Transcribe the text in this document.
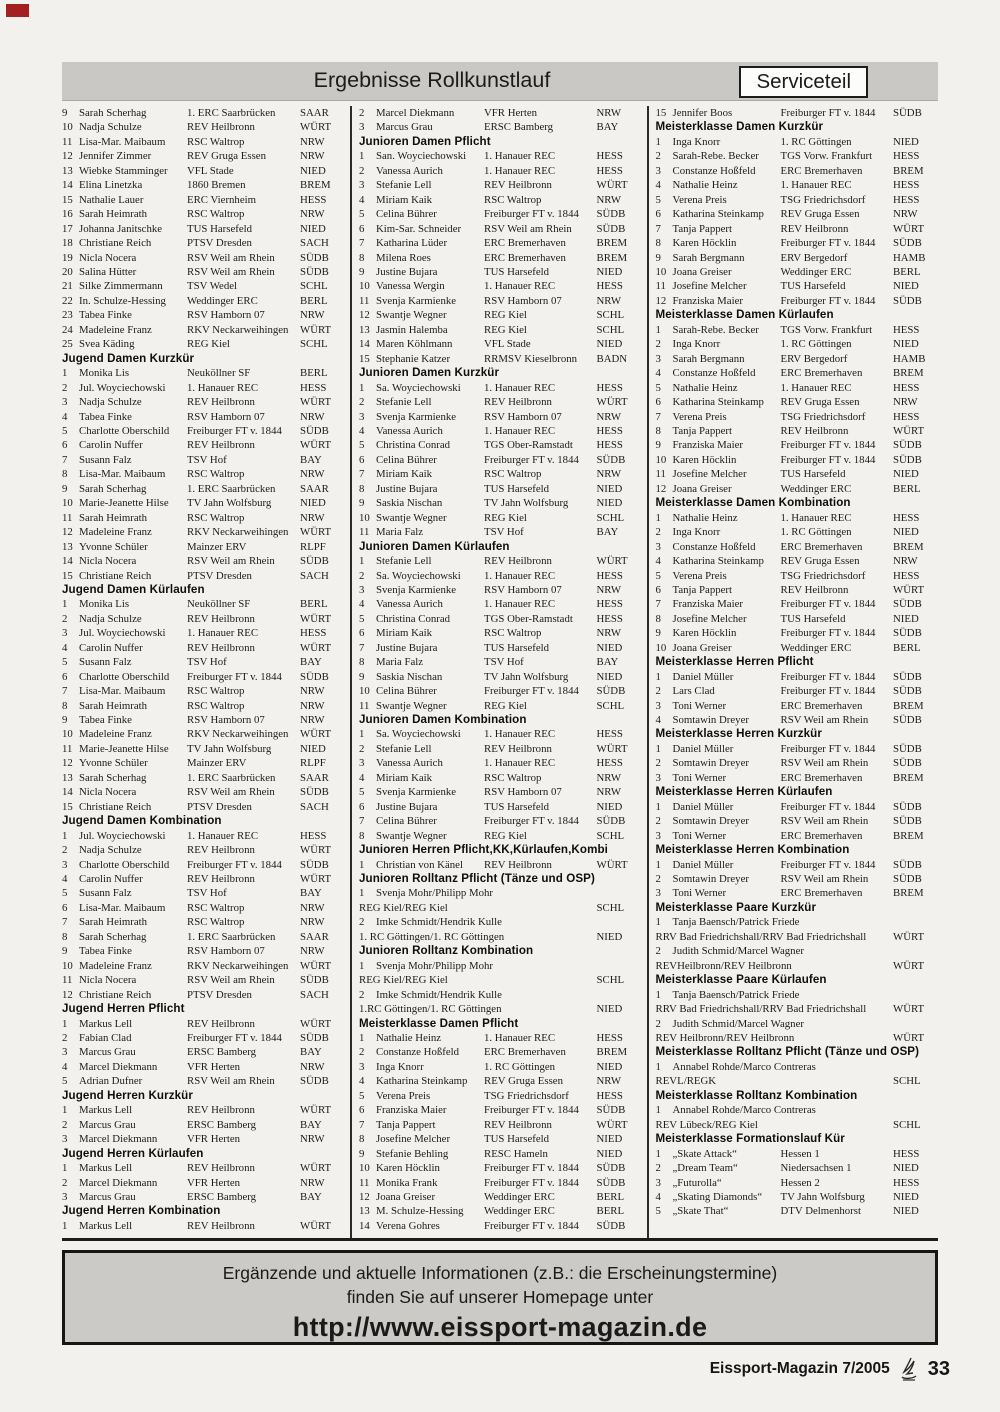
Ergebnisse Rollkunstlauf	Serviceteil
9	Sarah Scherhag	1. ERC Saarbrücken	SAAR
10 Nadja Schulze	REV Heilbronn	WÜRT
11 Lisa-Mar. Maibaum	RSC Waltrop	NRW
12 Jennifer Zimmer	REV Gruga Essen	NRW
13 Wiebke Stamminger	VFL Stade	NIED
14 Elina Linetzka	1860 Bremen	BREM
15 Nathalie Lauer	ERC Viernheim	HESS
16 Sarah Heimrath	RSC Waltrop	NRW
17 Johanna Janitschke	TUS Harsefeld	NIED
18 Christiane Reich	PTSV Dresden	SACH
19 Nicla Nocera	RSV Weil am Rhein	SÜDB
20 Salina Hütter	RSV Weil am Rhein	SÜDB
21 Silke Zimmermann	TSV Wedel	SCHL
22 In. Schulze-Hessing	Weddinger ERC	BERL
23 Tabea Finke	RSV Hamborn 07	NRW
24 Madeleine Franz	RKV Neckarweihingen	WÜRT
25 Svea Käding	REG Kiel	SCHL
Jugend Damen Kurzkür
1	Monika Lis	Neuköllner SF	BERL
2	Jul. Woyciechowski	1. Hanauer REC	HESS
3	Nadja Schulze	REV Heilbronn	WÜRT
4	Tabea Finke	RSV Hamborn 07	NRW
5	Charlotte Oberschild	Freiburger FT v. 1844	SÜDB
6	Carolin Nuffer	REV Heilbronn	WÜRT
7	Susann Falz	TSV Hof	BAY
8	Lisa-Mar. Maibaum	RSC Waltrop	NRW
9	Sarah Scherhag	1. ERC Saarbrücken	SAAR
10 Marie-Jeanette Hilse	TV Jahn Wolfsburg	NIED
11 Sarah Heimrath	RSC Waltrop	NRW
12 Madeleine Franz	RKV Neckarweihingen	WÜRT
13 Yvonne Schüler	Mainzer ERV	RLPF
14 Nicla Nocera	RSV Weil am Rhein	SÜDB
15 Christiane Reich	PTSV Dresden	SACH
Jugend Damen Kürlaufen
1	Monika Lis	Neuköllner SF	BERL
2	Nadja Schulze	REV Heilbronn	WÜRT
3	Jul. Woyciechowski	1. Hanauer REC	HESS
4	Carolin Nuffer	REV Heilbronn	WÜRT
5	Susann Falz	TSV Hof	BAY
6	Charlotte Oberschild	Freiburger FT v. 1844	SÜDB
7	Lisa-Mar. Maibaum	RSC Waltrop	NRW
8	Sarah Heimrath	RSC Waltrop	NRW
9	Tabea Finke	RSV Hamborn 07	NRW
10 Madeleine Franz	RKV Neckarweihingen	WÜRT
11 Marie-Jeanette Hilse	TV Jahn Wolfsburg	NIED
12 Yvonne Schüler	Mainzer ERV	RLPF
13 Sarah Scherhag	1. ERC Saarbrücken	SAAR
14 Nicla Nocera	RSV Weil am Rhein	SÜDB
15 Christiane Reich	PTSV Dresden	SACH
Jugend Damen Kombination
1	Jul. Woyciechowski	1. Hanauer REC	HESS
2	Nadja Schulze	REV Heilbronn	WÜRT
3	Charlotte Oberschild	Freiburger FT v. 1844	SÜDB
4	Carolin Nuffer	REV Heilbronn	WÜRT
5	Susann Falz	TSV Hof	BAY
6	Lisa-Mar. Maibaum	RSC Waltrop	NRW
7	Sarah Heimrath	RSC Waltrop	NRW
8	Sarah Scherhag	1. ERC Saarbrücken	SAAR
9	Tabea Finke	RSV Hamborn 07	NRW
10 Madeleine Franz	RKV Neckarweihingen	WÜRT
11 Nicla Nocera	RSV Weil am Rhein	SÜDB
12 Christiane Reich	PTSV Dresden	SACH
Jugend Herren Pflicht
1	Markus Lell	REV Heilbronn	WÜRT
2	Fabian Clad	Freiburger FT v. 1844	SÜDB
3	Marcus Grau	ERSC Bamberg	BAY
4	Marcel Diekmann	VFR Herten	NRW
5	Adrian Dufner	RSV Weil am Rhein	SÜDB
Jugend Herren Kurzkür
1	Markus Lell	REV Heilbronn	WÜRT
2	Marcus Grau	ERSC Bamberg	BAY
3	Marcel Diekmann	VFR Herten	NRW
Jugend Herren Kürlaufen
1	Markus Lell	REV Heilbronn	WÜRT
2	Marcel Diekmann	VFR Herten	NRW
3	Marcus Grau	ERSC Bamberg	BAY
Jugend Herren Kombination
1	Markus Lell	REV Heilbronn	WÜRT
2	Marcel Diekmann	VFR Herten	NRW
3	Marcus Grau	ERSC Bamberg	BAY
Junioren Damen Pflicht
1	San. Woyciechowski	1. Hanauer REC	HESS
2	Vanessa Aurich	1. Hanauer REC	HESS
3	Stefanie Lell	REV Heilbronn	WÜRT
4	Miriam Kaik	RSC Waltrop	NRW
5	Celina Bührer	Freiburger FT v. 1844	SÜDB
6	Kim-Sar. Schneider	RSV Weil am Rhein	SÜDB
7	Katharina Lüder	ERC Bremerhaven	BREM
8	Milena Roes	ERC Bremerhaven	BREM
9	Justine Bujara	TUS Harsefeld	NIED
10 Vanessa Wergin	1. Hanauer REC	HESS
11 Svenja Karmienke	RSV Hamborn 07	NRW
12 Swantje Wegner	REG Kiel	SCHL
13 Jasmin Halemba	REG Kiel	SCHL
14 Maren Köhlmann	VFL Stade	NIED
15 Stephanie Katzer	RRMSV Kieselbronn	BADN
Junioren Damen Kurzkür
1	Sa. Woyciechowski	1. Hanauer REC	HESS
2	Stefanie Lell	REV Heilbronn	WÜRT
3	Svenja Karmienke	RSV Hamborn 07	NRW
4	Vanessa Aurich	1. Hanauer REC	HESS
5	Christina Conrad	TGS Ober-Ramstadt	HESS
6	Celina Bührer	Freiburger FT v. 1844	SÜDB
7	Miriam Kaik	RSC Waltrop	NRW
8	Justine Bujara	TUS Harsefeld	NIED
9	Saskia Nischan	TV Jahn Wolfsburg	NIED
10 Swantje Wegner	REG Kiel	SCHL
11 Maria Falz	TSV Hof	BAY
Junioren Damen Kürlaufen
1	Stefanie Lell	REV Heilbronn	WÜRT
2	Sa. Woyciechowski	1. Hanauer REC	HESS
3	Svenja Karmienke	RSV Hamborn 07	NRW
4	Vanessa Aurich	1. Hanauer REC	HESS
5	Christina Conrad	TGS Ober-Ramstadt	HESS
6	Miriam Kaik	RSC Waltrop	NRW
7	Justine Bujara	TUS Harsefeld	NIED
8	Maria Falz	TSV Hof	BAY
9	Saskia Nischan	TV Jahn Wolfsburg	NIED
10 Celina Bührer	Freiburger FT v. 1844	SÜDB
11 Swantje Wegner	REG Kiel	SCHL
Junioren Damen Kombination
1	Sa. Woyciechowski	1. Hanauer REC	HESS
2	Stefanie Lell	REV Heilbronn	WÜRT
3	Vanessa Aurich	1. Hanauer REC	HESS
4	Miriam Kaik	RSC Waltrop	NRW
5	Svenja Karmienke	RSV Hamborn 07	NRW
6	Justine Bujara	TUS Harsefeld	NIED
7	Celina Bührer	Freiburger FT v. 1844	SÜDB
8	Swantje Wegner	REG Kiel	SCHL
Junioren Herren Pflicht,KK,Kürlaufen,Kombi
1	Christian von Känel	REV Heilbronn	WÜRT
Junioren Rolltanz Pflicht (Tänze und OSP)
1	Svenja Mohr/Philipp Mohr
REG Kiel/REG Kiel	SCHL
2	Imke Schmidt/Hendrik Kulle
1. RC Göttingen/1. RC Göttingen	NIED
Junioren Rolltanz Kombination
1	Svenja Mohr/Philipp Mohr
REG Kiel/REG Kiel	SCHL
2	Imke Schmidt/Hendrik Kulle
1.RC Göttingen/1. RC Göttingen	NIED
Meisterklasse Damen Pflicht
1	Nathalie Heinz	1. Hanauer REC	HESS
2	Constanze Hoßfeld	ERC Bremerhaven	BREM
3	Inga Knorr	1. RC Göttingen	NIED
4	Katharina Steinkamp	REV Gruga Essen	NRW
5	Verena Preis	TSG Friedrichsdorf	HESS
6	Franziska Maier	Freiburger FT v. 1844	SÜDB
7	Tanja Pappert	REV Heilbronn	WÜRT
8	Josefine Melcher	TUS Harsefeld	NIED
9	Stefanie Behling	RESC Hameln	NIED
10 Karen Höcklin	Freiburger FT v. 1844	SÜDB
11 Monika Frank	Freiburger FT v. 1844	SÜDB
12 Joana Greiser	Weddinger ERC	BERL
13 M. Schulze-Hessing	Weddinger ERC	BERL
14 Verena Gohres	Freiburger FT v. 1844	SÜDB
15 Jennifer Boos	Freiburger FT v. 1844	SÜDB
Meisterklasse Damen Kurzkür
1	Inga Knorr	1. RC Göttingen	NIED
2	Sarah-Rebe. Becker	TGS Vorw. Frankfurt	HESS
3	Constanze Hoßfeld	ERC Bremerhaven	BREM
4	Nathalie Heinz	1. Hanauer REC	HESS
5	Verena Preis	TSG Friedrichsdorf	HESS
6	Katharina Steinkamp	REV Gruga Essen	NRW
7	Tanja Pappert	REV Heilbronn	WÜRT
8	Karen Höcklin	Freiburger FT v. 1844	SÜDB
9	Sarah Bergmann	ERV Bergedorf	HAMB
10 Joana Greiser	Weddinger ERC	BERL
11 Josefine Melcher	TUS Harsefeld	NIED
12 Franziska Maier	Freiburger FT v. 1844	SÜDB
Meisterklasse Damen Kürlaufen
1	Sarah-Rebe. Becker	TGS Vorw. Frankfurt	HESS
2	Inga Knorr	1. RC Göttingen	NIED
3	Sarah Bergmann	ERV Bergedorf	HAMB
4	Constanze Hoßfeld	ERC Bremerhaven	BREM
5	Nathalie Heinz	1. Hanauer REC	HESS
6	Katharina Steinkamp	REV Gruga Essen	NRW
7	Verena Preis	TSG Friedrichsdorf	HESS
8	Tanja Pappert	REV Heilbronn	WÜRT
9	Franziska Maier	Freiburger FT v. 1844	SÜDB
10 Karen Höcklin	Freiburger FT v. 1844	SÜDB
11 Josefine Melcher	TUS Harsefeld	NIED
12 Joana Greiser	Weddinger ERC	BERL
Meisterklasse Damen Kombination
1	Nathalie Heinz	1. Hanauer REC	HESS
2	Inga Knorr	1. RC Göttingen	NIED
3	Constanze Hoßfeld	ERC Bremerhaven	BREM
4	Katharina Steinkamp	REV Gruga Essen	NRW
5	Verena Preis	TSG Friedrichsdorf	HESS
6	Tanja Pappert	REV Heilbronn	WÜRT
7	Franziska Maier	Freiburger FT v. 1844	SÜDB
8	Josefine Melcher	TUS Harsefeld	NIED
9	Karen Höcklin	Freiburger FT v. 1844	SÜDB
10 Joana Greiser	Weddinger ERC	BERL
Meisterklasse Herren Pflicht
1	Daniel Müller	Freiburger FT v. 1844	SÜDB
2	Lars Clad	Freiburger FT v. 1844	SÜDB
3	Toni Werner	ERC Bremerhaven	BREM
4	Somtawin Dreyer	RSV Weil am Rhein	SÜDB
Meisterklasse Herren Kurzkür
1	Daniel Müller	Freiburger FT v. 1844	SÜDB
2	Somtawin Dreyer	RSV Weil am Rhein	SÜDB
3	Toni Werner	ERC Bremerhaven	BREM
Meisterklasse Herren Kürlaufen
1	Daniel Müller	Freiburger FT v. 1844	SÜDB
2	Somtawin Dreyer	RSV Weil am Rhein	SÜDB
3	Toni Werner	ERC Bremerhaven	BREM
Meisterklasse Herren Kombination
1	Daniel Müller	Freiburger FT v. 1844	SÜDB
2	Somtawin Dreyer	RSV Weil am Rhein	SÜDB
3	Toni Werner	ERC Bremerhaven	BREM
Meisterklasse Paare Kurzkür
1	Tanja Baensch/Patrick Friede
RRV Bad Friedrichshall/RRV Bad Friedrichshall	WÜRT
2	Judith Schmid/Marcel Wagner
REVHeilbronn/REV Heilbronn	WÜRT
Meisterklasse Paare Kürlaufen
1	Tanja Baensch/Patrick Friede
RRV Bad Friedrichshall/RRV Bad Friedrichshall	WÜRT
2	Judith Schmid/Marcel Wagner
REV Heilbronn/REV Heilbronn	WÜRT
Meisterklasse Rolltanz Pflicht (Tänze und OSP)
1	Annabel Rohde/Marco Contreras
REVL/REGK	SCHL
Meisterklasse Rolltanz Kombination
1	Annabel Rohde/Marco Contreras
REV Lübeck/REG Kiel	SCHL
Meisterklasse Formationslauf Kür
1	„Skate Attack“	Hessen 1	HESS
2	„Dream Team“	Niedersachsen 1	NIED
3	„Futurolla“	Hessen 2	HESS
4	„Skating Diamonds“	TV Jahn Wolfsburg	NIED
5	„Skate That“	DTV Delmenhorst	NIED
Ergänzende und aktuelle Informationen (z.B.: die Erscheinungstermine)
finden Sie auf unserer Homepage unter
http://www.eissport-magazin.de
Eissport-Magazin 7/2005 33
